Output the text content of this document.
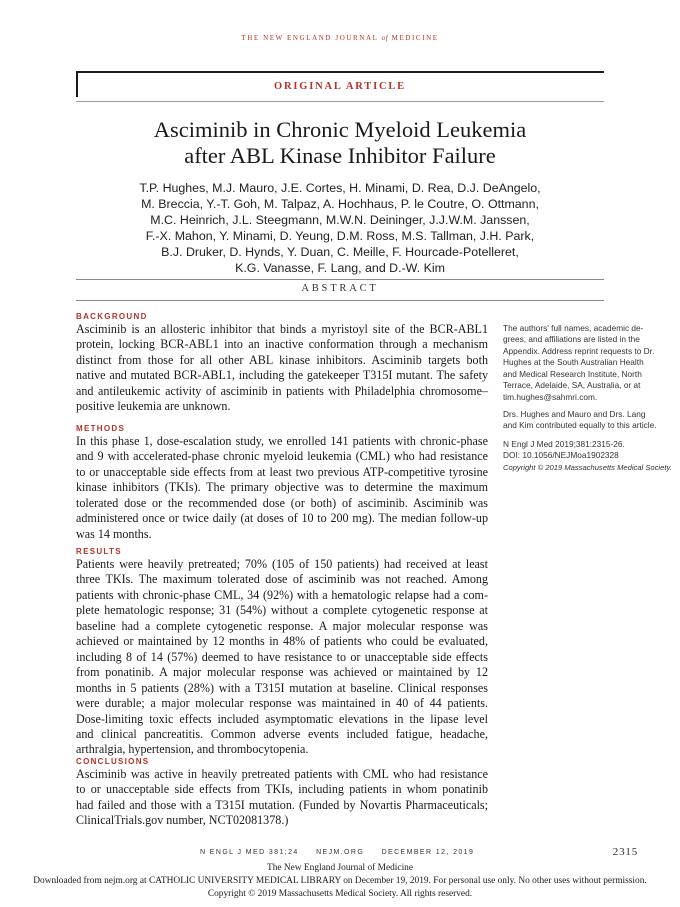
THE NEW ENGLAND JOURNAL of MEDICINE
ORIGINAL ARTICLE
Asciminib in Chronic Myeloid Leukemia
after ABL Kinase Inhibitor Failure
T.P. Hughes, M.J. Mauro, J.E. Cortes, H. Minami, D. Rea, D.J. DeAngelo,
M. Breccia, Y.-T. Goh, M. Talpaz, A. Hochhaus, P. le Coutre, O. Ottmann,
M.C. Heinrich, J.L. Steegmann, M.W.N. Deininger, J.J.W.M. Janssen,
F.-X. Mahon, Y. Minami, D. Yeung, D.M. Ross, M.S. Tallman, J.H. Park,
B.J. Druker, D. Hynds, Y. Duan, C. Meille, F. Hourcade-Potelleret,
K.G. Vanasse, F. Lang, and D.-W. Kim
ABSTRACT
BACKGROUND
Asciminib is an allosteric inhibitor that binds a myristoyl site of the BCR-ABL1
protein, locking BCR-ABL1 into an inactive conformation through a mechanism
distinct from those for all other ABL kinase inhibitors. Asciminib targets both
native and mutated BCR-ABL1, including the gatekeeper T315I mutant. The safety
and antileukemic activity of asciminib in patients with Philadelphia chromosome–
positive leukemia are unknown.
METHODS
In this phase 1, dose-escalation study, we enrolled 141 patients with chronic-phase
and 9 with accelerated-phase chronic myeloid leukemia (CML) who had resistance
to or unacceptable side effects from at least two previous ATP-competitive tyrosine
kinase inhibitors (TKIs). The primary objective was to determine the maximum
tolerated dose or the recommended dose (or both) of asciminib. Asciminib was
administered once or twice daily (at doses of 10 to 200 mg). The median follow-up
was 14 months.
RESULTS
Patients were heavily pretreated; 70% (105 of 150 patients) had received at least
three TKIs. The maximum tolerated dose of asciminib was not reached. Among
patients with chronic-phase CML, 34 (92%) with a hematologic relapse had a com-
plete hematologic response; 31 (54%) without a complete cytogenetic response at
baseline had a complete cytogenetic response. A major molecular response was
achieved or maintained by 12 months in 48% of patients who could be evaluated,
including 8 of 14 (57%) deemed to have resistance to or unacceptable side effects
from ponatinib. A major molecular response was achieved or maintained by 12
months in 5 patients (28%) with a T315I mutation at baseline. Clinical responses
were durable; a major molecular response was maintained in 40 of 44 patients.
Dose-limiting toxic effects included asymptomatic elevations in the lipase level
and clinical pancreatitis. Common adverse events included fatigue, headache,
arthralgia, hypertension, and thrombocytopenia.
CONCLUSIONS
Asciminib was active in heavily pretreated patients with CML who had resistance
to or unacceptable side effects from TKIs, including patients in whom ponatinib
had failed and those with a T315I mutation. (Funded by Novartis Pharmaceuticals;
ClinicalTrials.gov number, NCT02081378.)
The authors' full names, academic de-
grees, and affiliations are listed in the
Appendix. Address reprint requests to Dr.
Hughes at the South Australian Health
and Medical Research Institute, North
Terrace, Adelaide, SA, Australia, or at
tim.hughes@sahmri.com.
Drs. Hughes and Mauro and Drs. Lang
and Kim contributed equally to this article.
N Engl J Med 2019;381:2315-26.
DOI: 10.1056/NEJMoa1902328
Copyright © 2019 Massachusetts Medical Society.
N ENGL J MED 381;24 NEJM.ORG DECEMBER 12, 2019	2315
The New England Journal of Medicine
Downloaded from nejm.org at CATHOLIC UNIVERSITY MEDICAL LIBRARY on December 19, 2019. For personal use only. No other uses without permission.
Copyright © 2019 Massachusetts Medical Society. All rights reserved.
